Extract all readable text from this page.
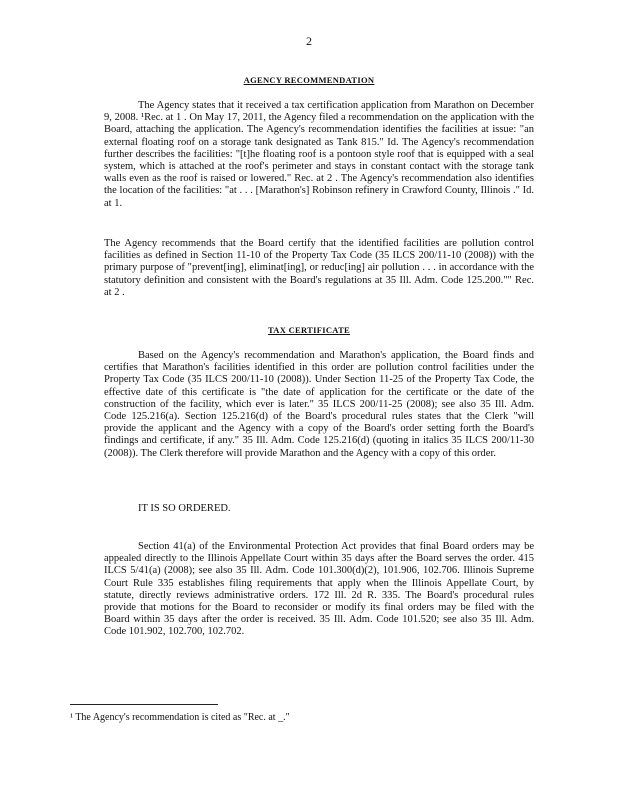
2
AGENCY RECOMMENDATION

The Agency states that it received a tax certification application from Marathon on December 9, 2008. ¹Rec. at 1 . On May 17, 2011, the Agency filed a recommendation on the application with the Board, attaching the application. The Agency's recommendation identifies the facilities at issue: "an external floating roof on a storage tank designated as Tank 815." Id. The Agency's recommendation further describes the facilities: "[t]he floating roof is a pontoon style roof that is equipped with a seal system, which is attached at the roof's perimeter and stays in constant contact with the storage tank walls even as the roof is raised or lowered." Rec. at 2 . The Agency's recommendation also identifies the location of the facilities: "at . . . [Marathon's] Robinson refinery in Crawford County, Illinois ." Id. at 1.

The Agency recommends that the Board certify that the identified facilities are pollution control facilities as defined in Section 11-10 of the Property Tax Code (35 ILCS 200/11-10 (2008)) with the primary purpose of "prevent[ing], eliminat[ing], or reduc[ing] air pollution . . . in accordance with the statutory definition and consistent with the Board's regulations at 35 Ill. Adm. Code 125.200."" Rec. at 2 .

TAX CERTIFICATE

Based on the Agency's recommendation and Marathon's application, the Board finds and certifies that Marathon's facilities identified in this order are pollution control facilities under the Property Tax Code (35 ILCS 200/11-10 (2008)). Under Section 11-25 of the Property Tax Code, the effective date of this certificate is "the date of application for the certificate or the date of the construction of the facility, which ever is later." 35 ILCS 200/11-25 (2008); see also 35 Ill. Adm. Code 125.216(a). Section 125.216(d) of the Board's procedural rules states that the Clerk "will provide the applicant and the Agency with a copy of the Board's order setting forth the Board's findings and certificate, if any." 35 Ill. Adm. Code 125.216(d) (quoting in italics 35 ILCS 200/11-30 (2008)). The Clerk therefore will provide Marathon and the Agency with a copy of this order.

IT IS SO ORDERED.

Section 41(a) of the Environmental Protection Act provides that final Board orders may be appealed directly to the Illinois Appellate Court within 35 days after the Board serves the order. 415 ILCS 5/41(a) (2008); see also 35 Ill. Adm. Code 101.300(d)(2), 101.906, 102.706. Illinois Supreme Court Rule 335 establishes filing requirements that apply when the Illinois Appellate Court, by statute, directly reviews administrative orders. 172 Ill. 2d R. 335. The Board's procedural rules provide that motions for the Board to reconsider or modify its final orders may be filed with the Board within 35 days after the order is received. 35 Ill. Adm. Code 101.520; see also 35 Ill. Adm. Code 101.902, 102.700, 102.702.

¹ The Agency's recommendation is cited as "Rec. at _."
